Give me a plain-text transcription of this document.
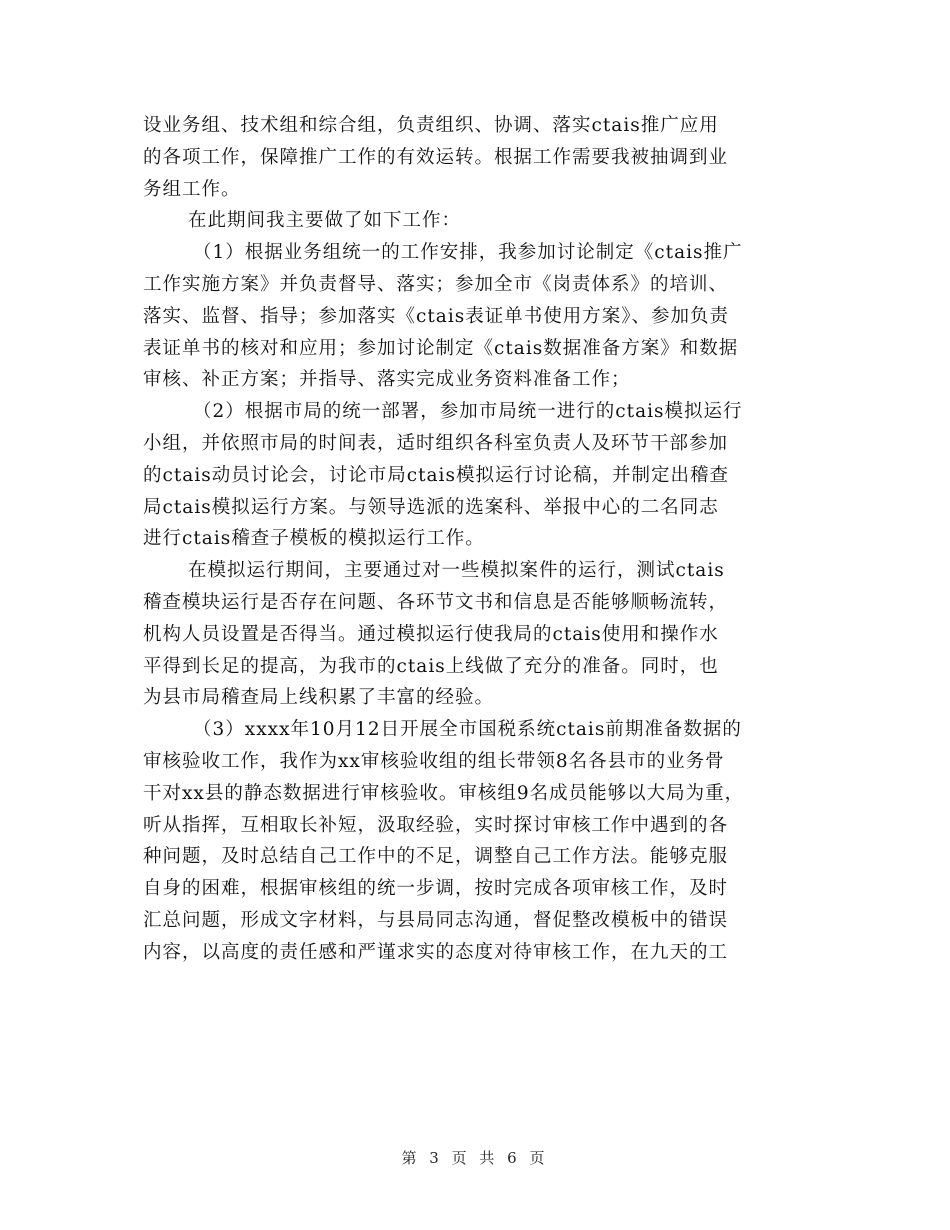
设业务组、技术组和综合组，负责组织、协调、落实ctais推广应用
的各项工作，保障推广工作的有效运转。根据工作需要我被抽调到业
务组工作。
在此期间我主要做了如下工作：
（1）根据业务组统一的工作安排，我参加讨论制定《ctais推广
工作实施方案》并负责督导、落实；参加全市《岗责体系》的培训、
落实、监督、指导；参加落实《ctais表证单书使用方案》、参加负责
表证单书的核对和应用；参加讨论制定《ctais数据准备方案》和数据
审核、补正方案；并指导、落实完成业务资料准备工作；
（2）根据市局的统一部署，参加市局统一进行的ctais模拟运行
小组，并依照市局的时间表，适时组织各科室负责人及环节干部参加
的ctais动员讨论会，讨论市局ctais模拟运行讨论稿，并制定出稽查
局ctais模拟运行方案。与领导选派的选案科、举报中心的二名同志
进行ctais稽查子模板的模拟运行工作。
在模拟运行期间，主要通过对一些模拟案件的运行，测试ctais
稽查模块运行是否存在问题、各环节文书和信息是否能够顺畅流转，
机构人员设置是否得当。通过模拟运行使我局的ctais使用和操作水
平得到长足的提高，为我市的ctais上线做了充分的准备。同时，也
为县市局稽查局上线积累了丰富的经验。
（3）xxxx年10月12日开展全市国税系统ctais前期准备数据的
审核验收工作，我作为xx审核验收组的组长带领8名各县市的业务骨
干对xx县的静态数据进行审核验收。审核组9名成员能够以大局为重，
听从指挥，互相取长补短，汲取经验，实时探讨审核工作中遇到的各
种问题，及时总结自己工作中的不足，调整自己工作方法。能够克服
自身的困难，根据审核组的统一步调，按时完成各项审核工作，及时
汇总问题，形成文字材料，与县局同志沟通，督促整改模板中的错误
内容，以高度的责任感和严谨求实的态度对待审核工作，在九天的工
第 3 页 共 6 页
